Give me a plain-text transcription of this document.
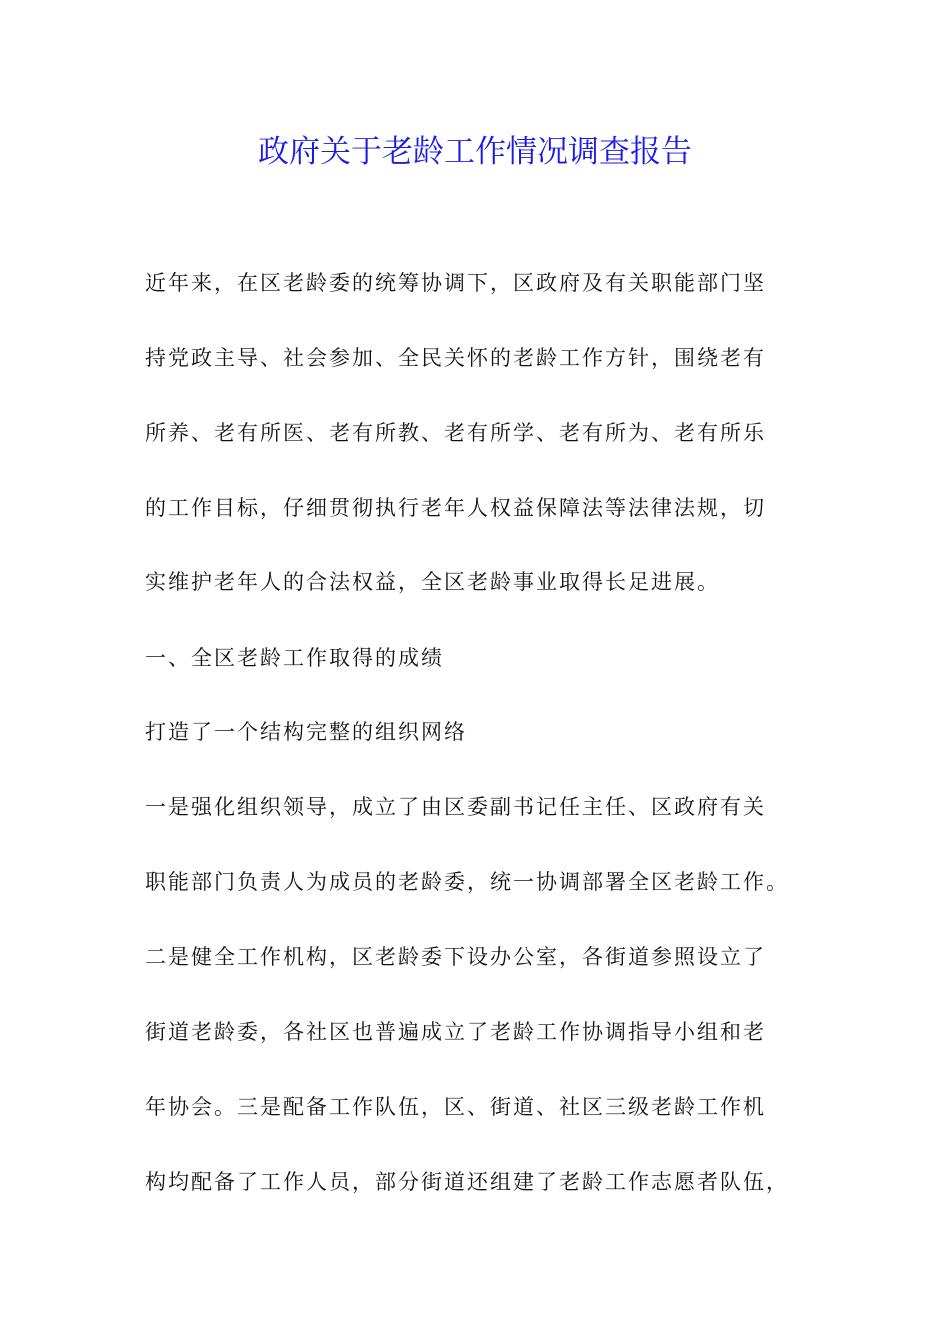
政府关于老龄工作情况调查报告

近年来，在区老龄委的统筹协调下，区政府及有关职能部门坚

持党政主导、社会参加、全民关怀的老龄工作方针，围绕老有

所养、老有所医、老有所教、老有所学、老有所为、老有所乐

的工作目标，仔细贯彻执行老年人权益保障法等法律法规，切

实维护老年人的合法权益，全区老龄事业取得长足进展。

一、全区老龄工作取得的成绩

打造了一个结构完整的组织网络

一是强化组织领导，成立了由区委副书记任主任、区政府有关

职能部门负责人为成员的老龄委，统一协调部署全区老龄工作。

二是健全工作机构，区老龄委下设办公室，各街道参照设立了

街道老龄委，各社区也普遍成立了老龄工作协调指导小组和老

年协会。三是配备工作队伍，区、街道、社区三级老龄工作机

构均配备了工作人员，部分街道还组建了老龄工作志愿者队伍，
